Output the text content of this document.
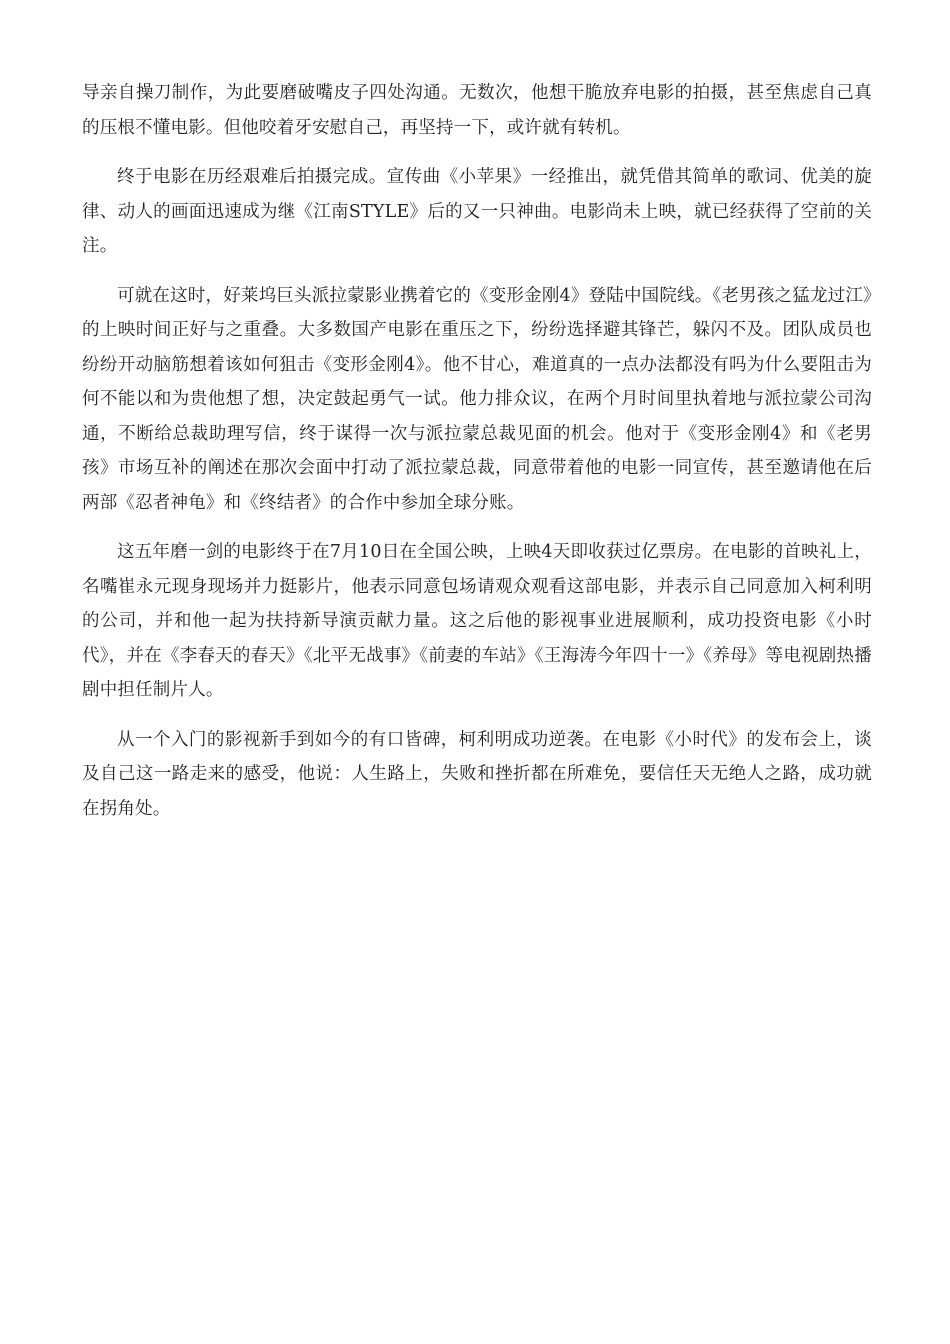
导亲自操刀制作，为此要磨破嘴皮子四处沟通。无数次，他想干脆放弃电影的拍摄，甚至焦虑自己真的压根不懂电影。但他咬着牙安慰自己，再坚持一下，或许就有转机。

终于电影在历经艰难后拍摄完成。宣传曲《小苹果》一经推出，就凭借其简单的歌词、优美的旋律、动人的画面迅速成为继《江南STYLE》后的又一只神曲。电影尚未上映，就已经获得了空前的关注。

可就在这时，好莱坞巨头派拉蒙影业携着它的《变形金刚4》登陆中国院线。《老男孩之猛龙过江》的上映时间正好与之重叠。大多数国产电影在重压之下，纷纷选择避其锋芒，躲闪不及。团队成员也纷纷开动脑筋想着该如何狙击《变形金刚4》。他不甘心，难道真的一点办法都没有吗为什么要阻击为何不能以和为贵他想了想，决定鼓起勇气一试。他力排众议，在两个月时间里执着地与派拉蒙公司沟通，不断给总裁助理写信，终于谋得一次与派拉蒙总裁见面的机会。他对于《变形金刚4》和《老男孩》市场互补的阐述在那次会面中打动了派拉蒙总裁，同意带着他的电影一同宣传，甚至邀请他在后两部《忍者神龟》和《终结者》的合作中参加全球分账。

这五年磨一剑的电影终于在7月10日在全国公映，上映4天即收获过亿票房。在电影的首映礼上，名嘴崔永元现身现场并力挺影片，他表示同意包场请观众观看这部电影，并表示自己同意加入柯利明的公司，并和他一起为扶持新导演贡献力量。这之后他的影视事业进展顺利，成功投资电影《小时代》，并在《李春天的春天》《北平无战事》《前妻的车站》《王海涛今年四十一》《养母》等电视剧热播剧中担任制片人。

从一个入门的影视新手到如今的有口皆碑，柯利明成功逆袭。在电影《小时代》的发布会上，谈及自己这一路走来的感受，他说：人生路上，失败和挫折都在所难免，要信任天无绝人之路，成功就在拐角处。
